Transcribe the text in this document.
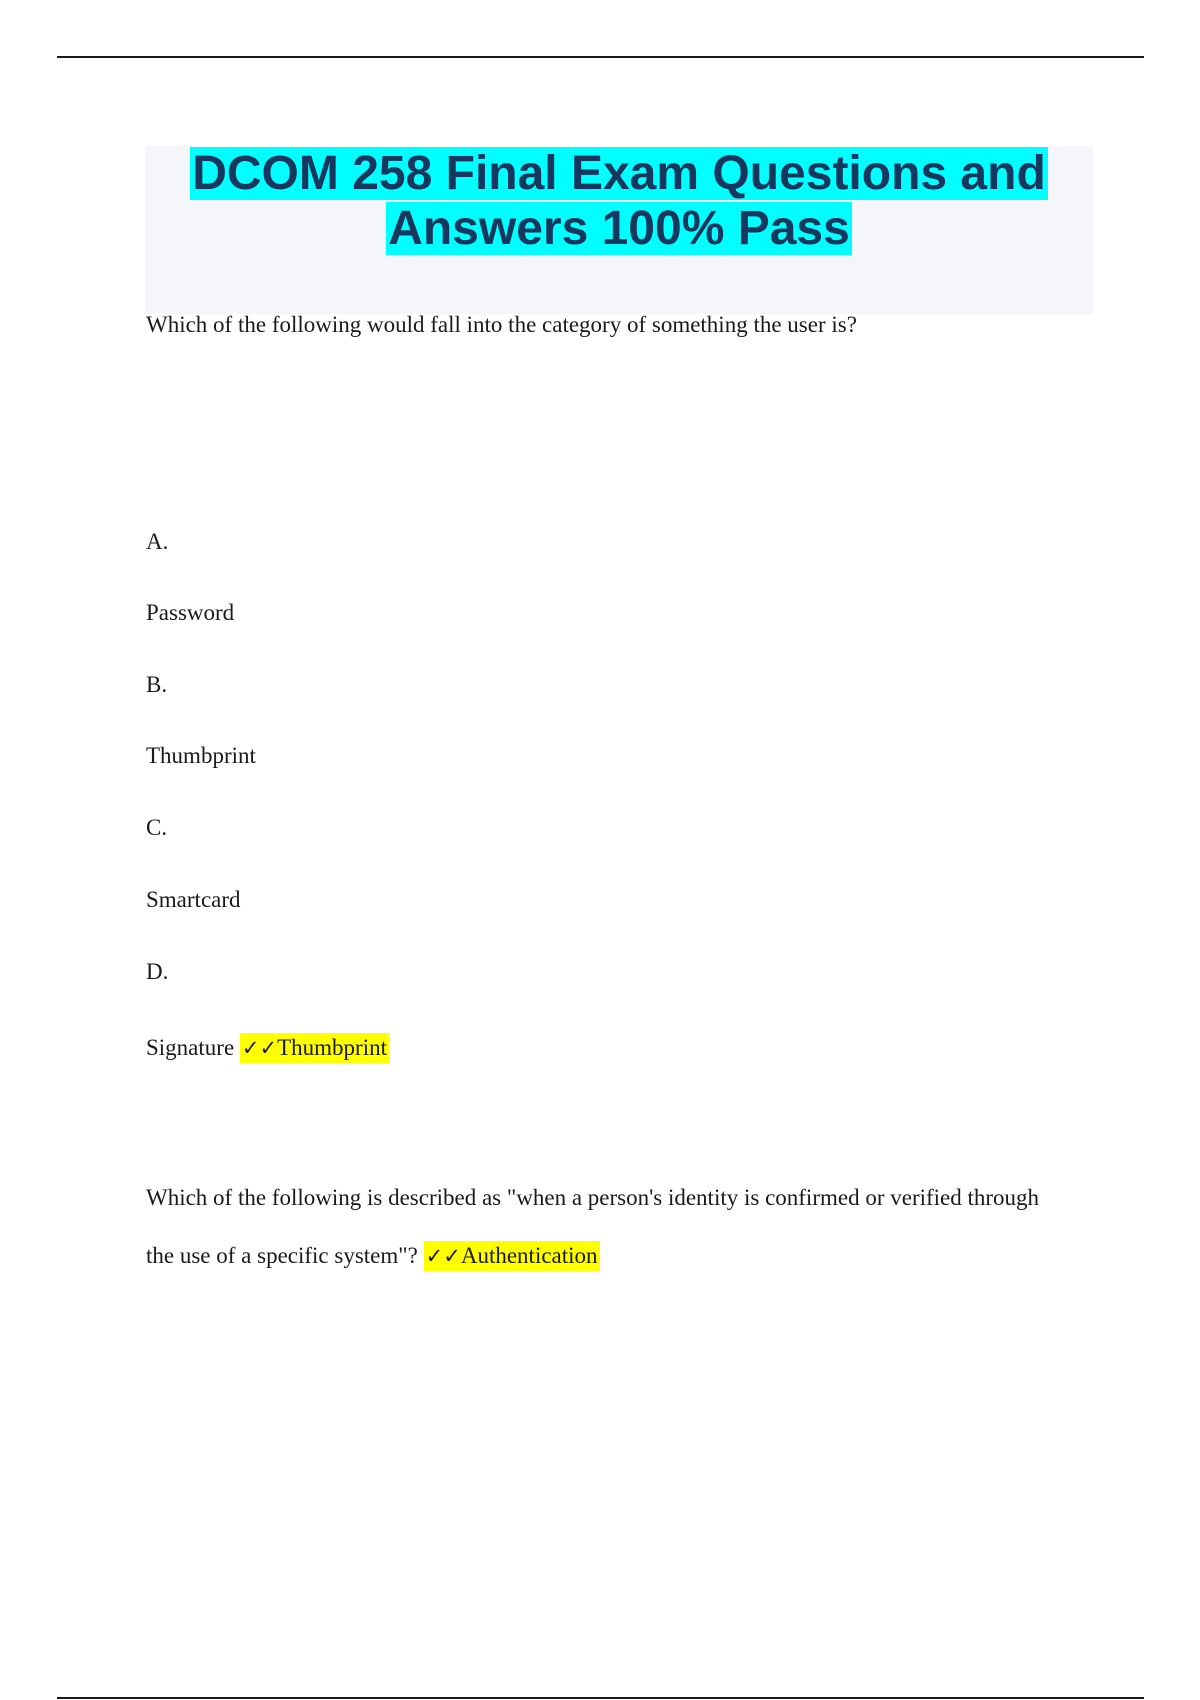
DCOM 258 Final Exam Questions and
Answers 100% Pass
Which of the following would fall into the category of something the user is?
A.
Password
B.
Thumbprint
C.
Smartcard
D.
Signature ✓✓Thumbprint
Which of the following is described as "when a person's identity is confirmed or verified through
the use of a specific system"? ✓✓Authentication
